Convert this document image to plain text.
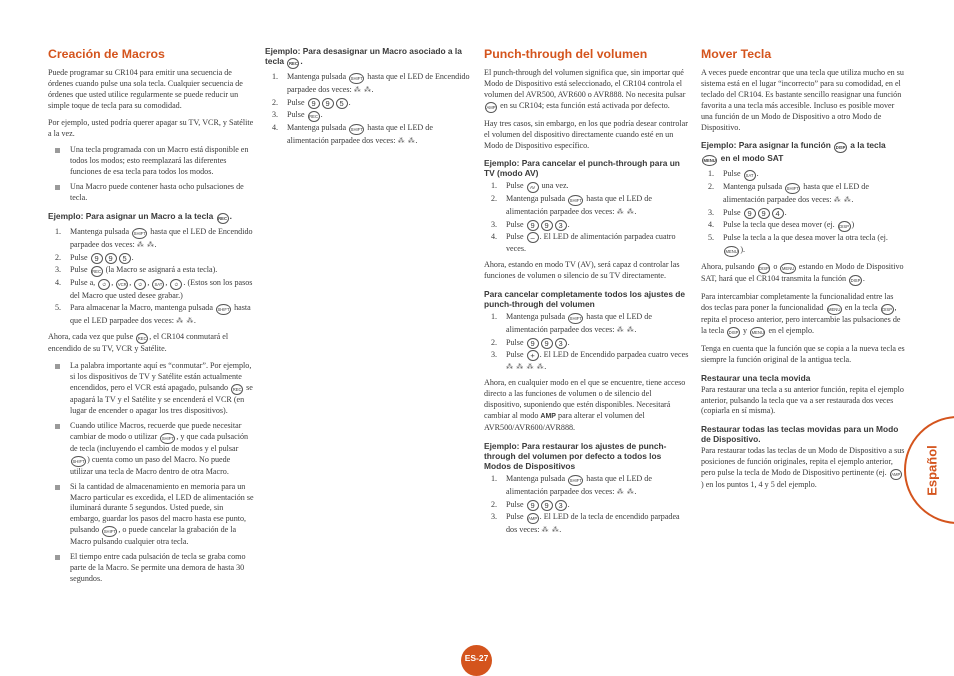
Creación de Macros

Puede programar su CR104 para emitir una secuencia de órdenes cuando pulse una sola tecla. Cualquier secuencia de órdenes que usted utilice regularmente se puede reducir un simple toque de tecla para su comodidad.

Por ejemplo, usted podría querer apagar su TV, VCR, y Satélite a la vez.

Una tecla programada con un Macro está disponible en todos los modos; esto reemplazará las diferentes funciones de esa tecla para todos los modos.
Una Macro puede contener hasta ocho pulsaciones de tecla.
Ejemplo: Para asignar un Macro a la tecla REC .
1. Mantenga pulsada SHIFT hasta que el LED de Encendido parpadee dos veces: ⁂ ⁂.
2. Pulse 9 9 5 .
3. Pulse REC (la Macro se asignará a esta tecla).
4. Pulse a, ⏻ , VCR , ⏻ , SAT , ⏻ . (Estos son los pasos del Macro que usted desee grabar.)
5. Para almacenar la Macro, mantenga pulsada SHIFT hasta que el LED parpadee dos veces: ⁂ ⁂.

Ahora, cada vez que pulse REC , el CR104 conmutará el encendido de su TV, VCR y Satélite.

La palabra importante aquí es “conmutar”. Por ejemplo, si los dispositivos de TV y Satélite están actualmente encendidos, pero el VCR está apagado, pulsando REC se apagará la TV y el Satélite y se encenderá el VCR (en lugar de encender o apagar los tres dispositivos).
Cuando utilice Macros, recuerde que puede necesitar cambiar de modo o utilizar SHIFT , y que cada pulsación de tecla (incluyendo el cambio de modos y el pulsar SHIFT ) cuenta como un paso del Macro. No puede utilizar una tecla de Macro dentro de otra Macro.
Si la cantidad de almacenamiento en memoria para un Macro particular es excedida, el LED de alimentación se iluminará durante 5 segundos. Usted puede, sin embargo, guardar los pasos del macro hasta ese punto, pulsando SHIFT , o puede cancelar la grabación de la Macro pulsando cualquier otra tecla.
El tiempo entre cada pulsación de tecla se graba como parte de la Macro. Se permite una demora de hasta 30 segundos.
Ejemplo: Para desasignar un Macro asociado a la tecla REC .
1. Mantenga pulsada SHIFT hasta que el LED de Encendido parpadee dos veces: ⁂ ⁂.
2. Pulse 9 9 5 .
3. Pulse REC .
4. Mantenga pulsada SHIFT hasta que el LED de alimentación parpadee dos veces: ⁂ ⁂.
Punch-through del volumen

El punch-through del volumen significa que, sin importar qué Modo de Dispositivo está seleccionado, el CR104 controla el volumen del AVR500, AVR600 o AVR888. No necesita pulsar AMP en su CR104; esta función está activada por defecto.

Hay tres casos, sin embargo, en los que podría desear controlar el volumen del dispositivo directamente cuando esté en un Modo de Dispositivo específico.

Ejemplo: Para cancelar el punch-through para un TV (modo AV)
1. Pulse AV una vez.
2. Mantenga pulsada SHIFT hasta que el LED de alimentación parpadee dos veces: ⁂ ⁂.
3. Pulse 9 9 3 .
4. Pulse – . El LED de alimentación parpadea cuatro veces.

Ahora, estando en modo TV (AV), será capaz d controlar las funciones de volumen o silencio de su TV directamente.

Para cancelar completamente todos los ajustes de punch-through del volumen
1. Mantenga pulsada SHIFT hasta que el LED de alimentación parpadee dos veces: ⁂ ⁂.
2. Pulse 9 9 3 .
3. Pulse + . El LED de Encendido parpadea cuatro veces ⁂ ⁂ ⁂ ⁂.

Ahora, en cualquier modo en el que se encuentre, tiene acceso directo a las funciones de volumen o de silencio del dispositivo, suponiendo que estén disponibles. Necesitará cambiar al modo AMP para alterar el volumen del AVR500/AVR600/AVR888.

Ejemplo: Para restaurar los ajustes de punch-through del volumen por defecto a todos los Modos de Dispositivos
1. Mantenga pulsada SHIFT hasta que el LED de alimentación parpadee dos veces: ⁂ ⁂.
2. Pulse 9 9 3 .
3. Pulse AMP . El LED de la tecla de encendido parpadea dos veces: ⁂ ⁂.
Mover Tecla

A veces puede encontrar que una tecla que utiliza mucho en su sistema está en el lugar “incorrecto” para su comodidad, en el teclado del CR104. Es bastante sencillo reasignar una función favorita a una tecla más accesible. Incluso es posible mover una función de un Modo de Dispositivo a otro Modo de Dispositivo.

Ejemplo: Para asignar la función DISP a la tecla MENU en el modo SAT
1. Pulse SAT .
2. Mantenga pulsada SHIFT hasta que el LED de alimentación parpadee dos veces: ⁂ ⁂.
3. Pulse 9 9 4 .
4. Pulse la tecla que desea mover (ej. DISP )
5. Pulse la tecla a la que desea mover la otra tecla (ej. MENU ).

Ahora, pulsando DISP o MENU estando en Modo de Dispositivo SAT, hará que el CR104 transmita la función DISP .

Para intercambiar completamente la funcionalidad entre las dos teclas para poner la funcionalidad MENU en la tecla DISP , repita el proceso anterior, pero intercambie las pulsaciones de la tecla DISP y MENU en el ejemplo.

Tenga en cuenta que la función que se copia a la nueva tecla es siempre la función original de la antigua tecla.

Restaurar una tecla movida

Para restaurar una tecla a su anterior función, repita el ejemplo anterior, pulsando la tecla que va a ser restaurada dos veces (copiarla en sí misma).

Restaurar todas las teclas movidas para un Modo de Dispositivo.

Para restaurar todas las teclas de un Modo de Dispositivo a sus posiciones de función originales, repita el ejemplo anterior, pero pulse la tecla de Modo de Dispositivo pertinente (ej. AMP) en los puntos 1, 4 y 5 del ejemplo.	Español
ES-27
